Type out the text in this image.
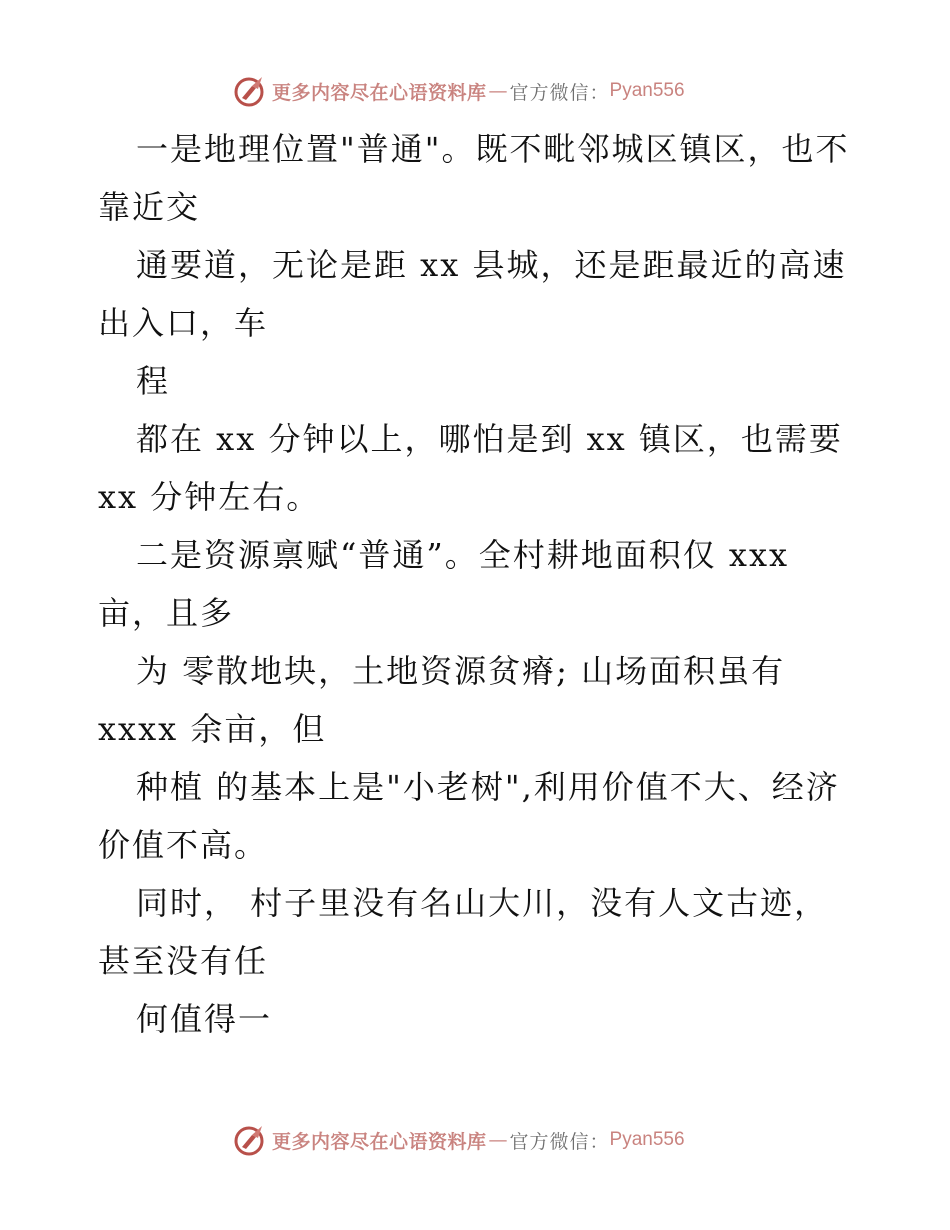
更多内容尽在心语资料库 — 官方微信： Pyan556
一是地理位置"普通"。既不毗邻城区镇区，也不
靠近交
通要道，无论是距 xx 县城，还是距最近的高速
出入口，车
程
都在 xx 分钟以上，哪怕是到 xx 镇区，也需要
xx 分钟左右。
二是资源禀赋“普通”。全村耕地面积仅 xxx
亩，且多
为 零散地块，土地资源贫瘠; 山场面积虽有
xxxx 余亩，但
种植 的基本上是"小老树",利用价值不大、经济
价值不高。
同时， 村子里没有名山大川，没有人文古迹，
甚至没有任
何值得一
更多内容尽在心语资料库 — 官方微信： Pyan556
